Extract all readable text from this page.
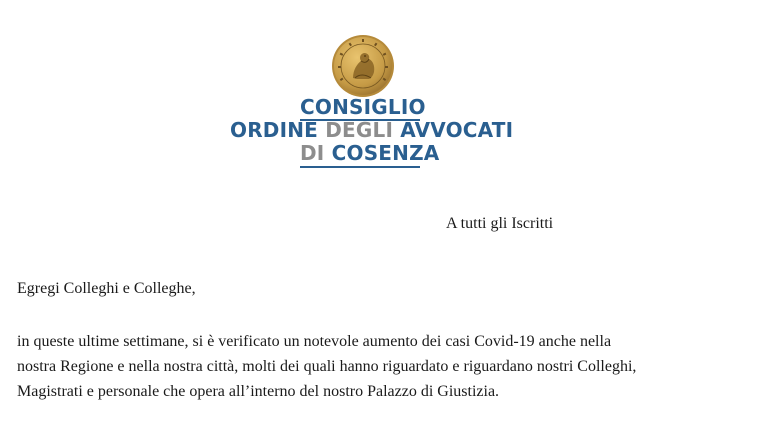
CONSIGLIO
ORDINE DEGLI AVVOCATI
DI COSENZA
A tutti gli Iscritti
Egregi Colleghi e Colleghe,
in queste ultime settimane, si è verificato un notevole aumento dei casi Covid-19 anche nella
nostra Regione e nella nostra città, molti dei quali hanno riguardato e riguardano nostri Colleghi,
Magistrati e personale che opera all’interno del nostro Palazzo di Giustizia.
